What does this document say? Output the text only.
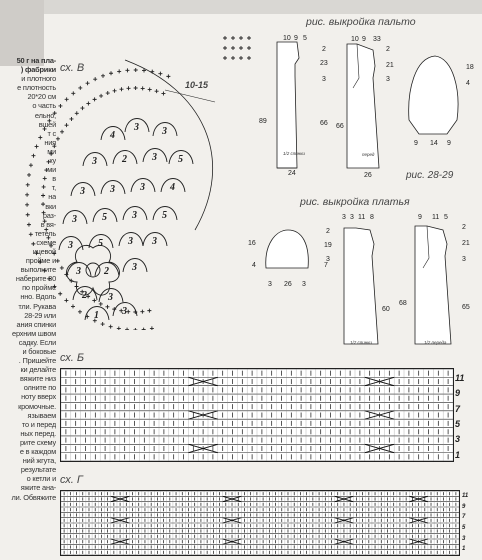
50 г на пла-
) фабрики
и плотного
е плотность
20*20 см
о часть
ельно,
вшей
т с
ния
ми
ку
ми
в
т,
на
вки
раз-
в вя-
тетель
схеме
ицевой
пройме и
выполните
наберите 80
по пройме
нно. Вдоль
тли. Рукава
28-29 или
ания спинки
ерхним швом
садку. Если
и боковые
. Пришейте
ки делайте
вяжите низ
олните по
ноту вверх
кромочные.
язываем
то и перед
ных перед.
рите схему
е в каждом
ний жгута,
результате
о кетли и
яжите ана-
ли. Обвяжите
сх. В
10-15
4
3 3
3	2	3 5
3	3	3	4
3	5	3	5
3	5	3 3
3 2 3
2 3
1 3
рис. выкройка пальто
рис. 28-29
10 9 5
2
23
3
89	66
24
1/2 спинки
10 9 33
2
21
3
66
26
перед
18
4
9 14 9
рис. выкройка платья
16
4
3 26 3
3 3 11 8
2
19
3
7
60
1/2 спинки
9 11 5
2
21
3
68
65
1/2 переда
сх. Б
11
9
7
5
3
1
сх. Г
11
9
7
5
3
1
